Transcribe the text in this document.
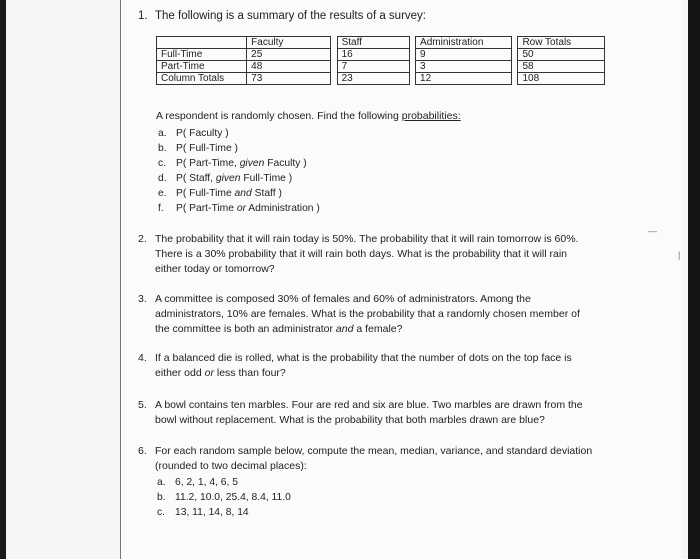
1. The following is a summary of the results of a survey:
	Faculty		Staff		Administration		Row Totals
Full-Time	25		16		9		50
Part-Time	48		7		3		58
Column Totals	73		23		12		108
A respondent is randomly chosen. Find the following probabilities:
a. P( Faculty )
b. P( Full-Time )
c. P( Part-Time, given Faculty )
d. P( Staff, given Full-Time )
e. P( Full-Time and Staff )
f.	P( Part-Time or Administration )
2. The probability that it will rain today is 50%. The probability that it will rain tomorrow is 60%.
There is a 30% probability that it will rain both days. What is the probability that it will rain
either today or tomorrow?
3. A committee is composed 30% of females and 60% of administrators. Among the
administrators, 10% are females. What is the probability that a randomly chosen member of
the committee is both an administrator and a female?
4. If a balanced die is rolled, what is the probability that the number of dots on the top face is
either odd or less than four?
5. A bowl contains ten marbles. Four are red and six are blue. Two marbles are drawn from the
bowl without replacement. What is the probability that both marbles drawn are blue?
6. For each random sample below, compute the mean, median, variance, and standard deviation
(rounded to two decimal places):
a. 6, 2, 1, 4, 6, 5
b. 11.2, 10.0, 25.4, 8.4, 11.0
c. 13, 11, 14, 8, 14
—
|
